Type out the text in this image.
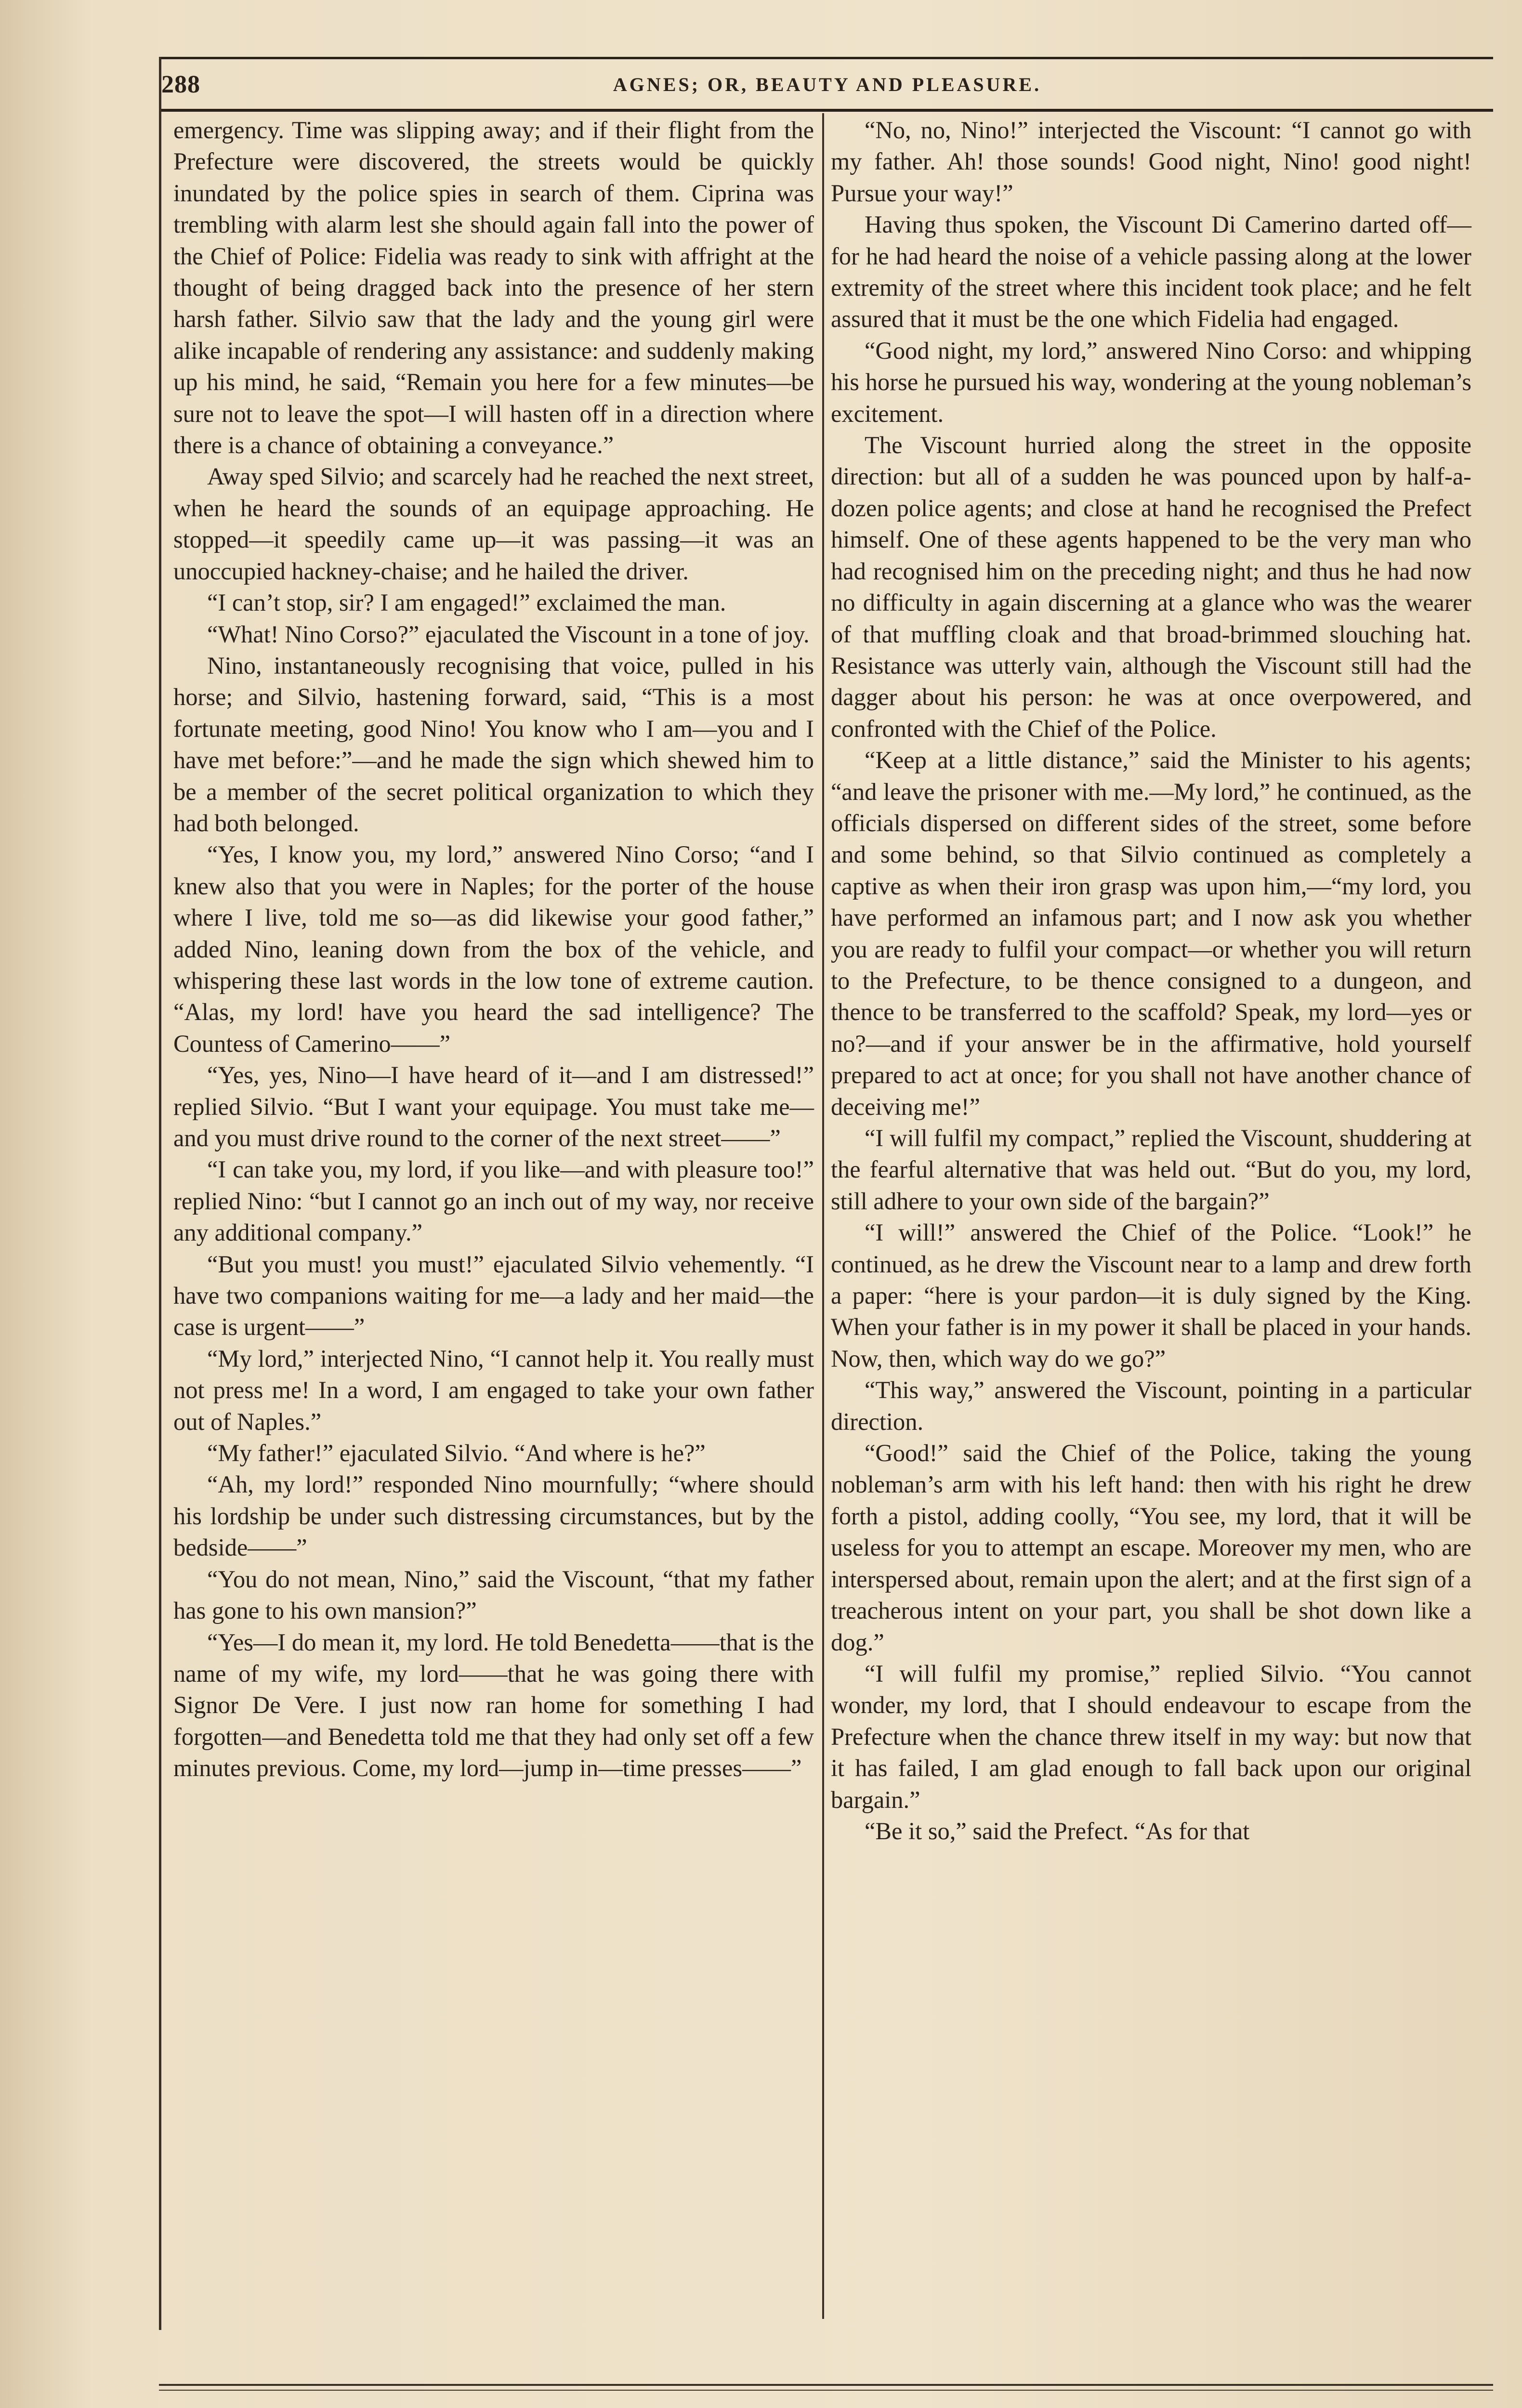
288	AGNES; OR, BEAUTY AND PLEASURE.

emergency. Time was slipping away; and if their flight from the Prefecture were discovered, the streets would be quickly inundated by the police spies in search of them. Ciprina was trembling with alarm lest she should again fall into the power of the Chief of Police: Fidelia was ready to sink with affright at the thought of being dragged back into the presence of her stern harsh father. Silvio saw that the lady and the young girl were alike incapable of rendering any assistance: and suddenly making up his mind, he said, “Remain you here for a few minutes—be sure not to leave the spot—I will hasten off in a direction where there is a chance of obtaining a conveyance.”

Away sped Silvio; and scarcely had he reached the next street, when he heard the sounds of an equipage approaching. He stopped—it speedily came up—it was passing—it was an unoccupied hackney-chaise; and he hailed the driver.

“I can’t stop, sir? I am engaged!” exclaimed the man.

“What! Nino Corso?” ejaculated the Viscount in a tone of joy.

Nino, instantaneously recognising that voice, pulled in his horse; and Silvio, hastening forward, said, “This is a most fortunate meeting, good Nino! You know who I am—you and I have met before:”—and he made the sign which shewed him to be a member of the secret political organization to which they had both belonged.

“Yes, I know you, my lord,” answered Nino Corso; “and I knew also that you were in Naples; for the porter of the house where I live, told me so—as did likewise your good father,” added Nino, leaning down from the box of the vehicle, and whispering these last words in the low tone of extreme caution. “Alas, my lord! have you heard the sad intelligence? The Countess of Camerino——”

“Yes, yes, Nino—I have heard of it—and I am distressed!” replied Silvio. “But I want your equipage. You must take me—and you must drive round to the corner of the next street——”

“I can take you, my lord, if you like—and with pleasure too!” replied Nino: “but I cannot go an inch out of my way, nor receive any additional company.”

“But you must! you must!” ejaculated Silvio vehemently. “I have two companions waiting for me—a lady and her maid—the case is urgent——”

“My lord,” interjected Nino, “I cannot help it. You really must not press me! In a word, I am engaged to take your own father out of Naples.”

“My father!” ejaculated Silvio. “And where is he?”

“Ah, my lord!” responded Nino mournfully; “where should his lordship be under such distressing circumstances, but by the bedside——”

“You do not mean, Nino,” said the Viscount, “that my father has gone to his own mansion?”

“Yes—I do mean it, my lord. He told Benedetta——that is the name of my wife, my lord——that he was going there with Signor De Vere. I just now ran home for something I had forgotten—and Benedetta told me that they had only set off a few minutes previous. Come, my lord—jump in—time presses——”

“No, no, Nino!” interjected the Viscount: “I cannot go with my father. Ah! those sounds! Good night, Nino! good night! Pursue your way!”

Having thus spoken, the Viscount Di Camerino darted off—for he had heard the noise of a vehicle passing along at the lower extremity of the street where this incident took place; and he felt assured that it must be the one which Fidelia had engaged.

“Good night, my lord,” answered Nino Corso: and whipping his horse he pursued his way, wondering at the young nobleman’s excitement.

The Viscount hurried along the street in the opposite direction: but all of a sudden he was pounced upon by half-a-dozen police agents; and close at hand he recognised the Prefect himself. One of these agents happened to be the very man who had recognised him on the preceding night; and thus he had now no difficulty in again discerning at a glance who was the wearer of that muffling cloak and that broad-brimmed slouching hat. Resistance was utterly vain, although the Viscount still had the dagger about his person: he was at once overpowered, and confronted with the Chief of the Police.

“Keep at a little distance,” said the Minister to his agents; “and leave the prisoner with me.—My lord,” he continued, as the officials dispersed on different sides of the street, some before and some behind, so that Silvio continued as completely a captive as when their iron grasp was upon him,—“my lord, you have performed an infamous part; and I now ask you whether you are ready to fulfil your compact—or whether you will return to the Prefecture, to be thence consigned to a dungeon, and thence to be transferred to the scaffold? Speak, my lord—yes or no?—and if your answer be in the affirmative, hold yourself prepared to act at once; for you shall not have another chance of deceiving me!”

“I will fulfil my compact,” replied the Viscount, shuddering at the fearful alternative that was held out. “But do you, my lord, still adhere to your own side of the bargain?”

“I will!” answered the Chief of the Police. “Look!” he continued, as he drew the Viscount near to a lamp and drew forth a paper: “here is your pardon—it is duly signed by the King. When your father is in my power it shall be placed in your hands. Now, then, which way do we go?”

“This way,” answered the Viscount, pointing in a particular direction.

“Good!” said the Chief of the Police, taking the young nobleman’s arm with his left hand: then with his right he drew forth a pistol, adding coolly, “You see, my lord, that it will be useless for you to attempt an escape. Moreover my men, who are interspersed about, remain upon the alert; and at the first sign of a treacherous intent on your part, you shall be shot down like a dog.”

“I will fulfil my promise,” replied Silvio. “You cannot wonder, my lord, that I should endeavour to escape from the Prefecture when the chance threw itself in my way: but now that it has failed, I am glad enough to fall back upon our original bargain.”

“Be it so,” said the Prefect. “As for that
